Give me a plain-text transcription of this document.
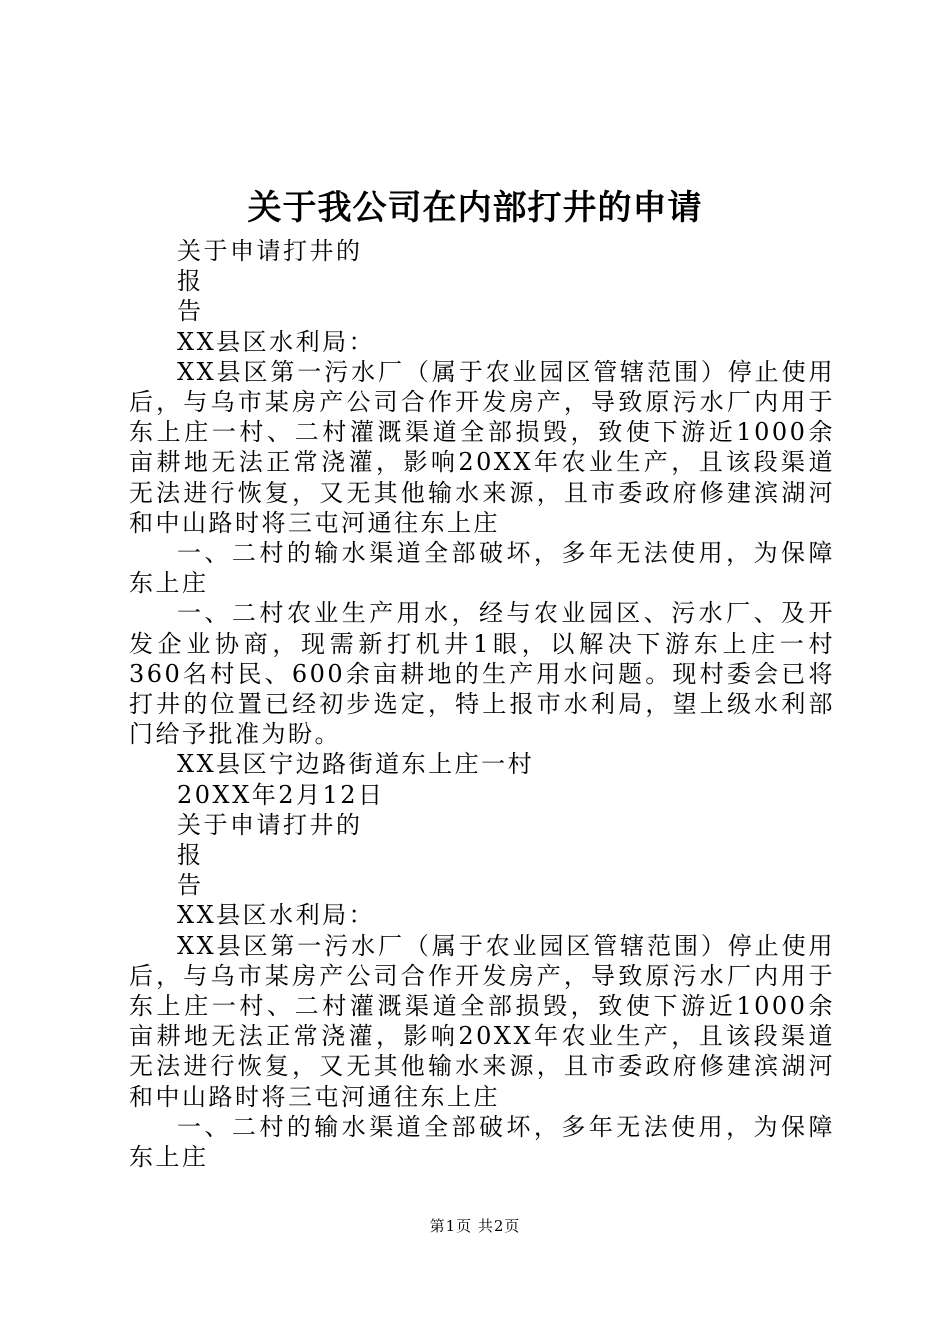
关于我公司在内部打井的申请
关于申请打井的
报
告
XX县区水利局：
XX县区第一污水厂（属于农业园区管辖范围）停止使用后，与乌市某房产公司合作开发房产，导致原污水厂内用于东上庄一村、二村灌溉渠道全部损毁，致使下游近1000余亩耕地无法正常浇灌，影响20XX年农业生产，且该段渠道无法进行恢复，又无其他输水来源，且市委政府修建滨湖河和中山路时将三屯河通往东上庄
一、二村的输水渠道全部破坏，多年无法使用，为保障东上庄
一、二村农业生产用水，经与农业园区、污水厂、及开发企业协商，现需新打机井1眼，以解决下游东上庄一村360名村民、600余亩耕地的生产用水问题。现村委会已将打井的位置已经初步选定，特上报市水利局，望上级水利部门给予批准为盼。
XX县区宁边路街道东上庄一村
20XX年2月12日
关于申请打井的
报
告
XX县区水利局：
XX县区第一污水厂（属于农业园区管辖范围）停止使用后，与乌市某房产公司合作开发房产，导致原污水厂内用于东上庄一村、二村灌溉渠道全部损毁，致使下游近1000余亩耕地无法正常浇灌，影响20XX年农业生产，且该段渠道无法进行恢复，又无其他输水来源，且市委政府修建滨湖河和中山路时将三屯河通往东上庄
一、二村的输水渠道全部破坏，多年无法使用，为保障东上庄
第1页 共2页
